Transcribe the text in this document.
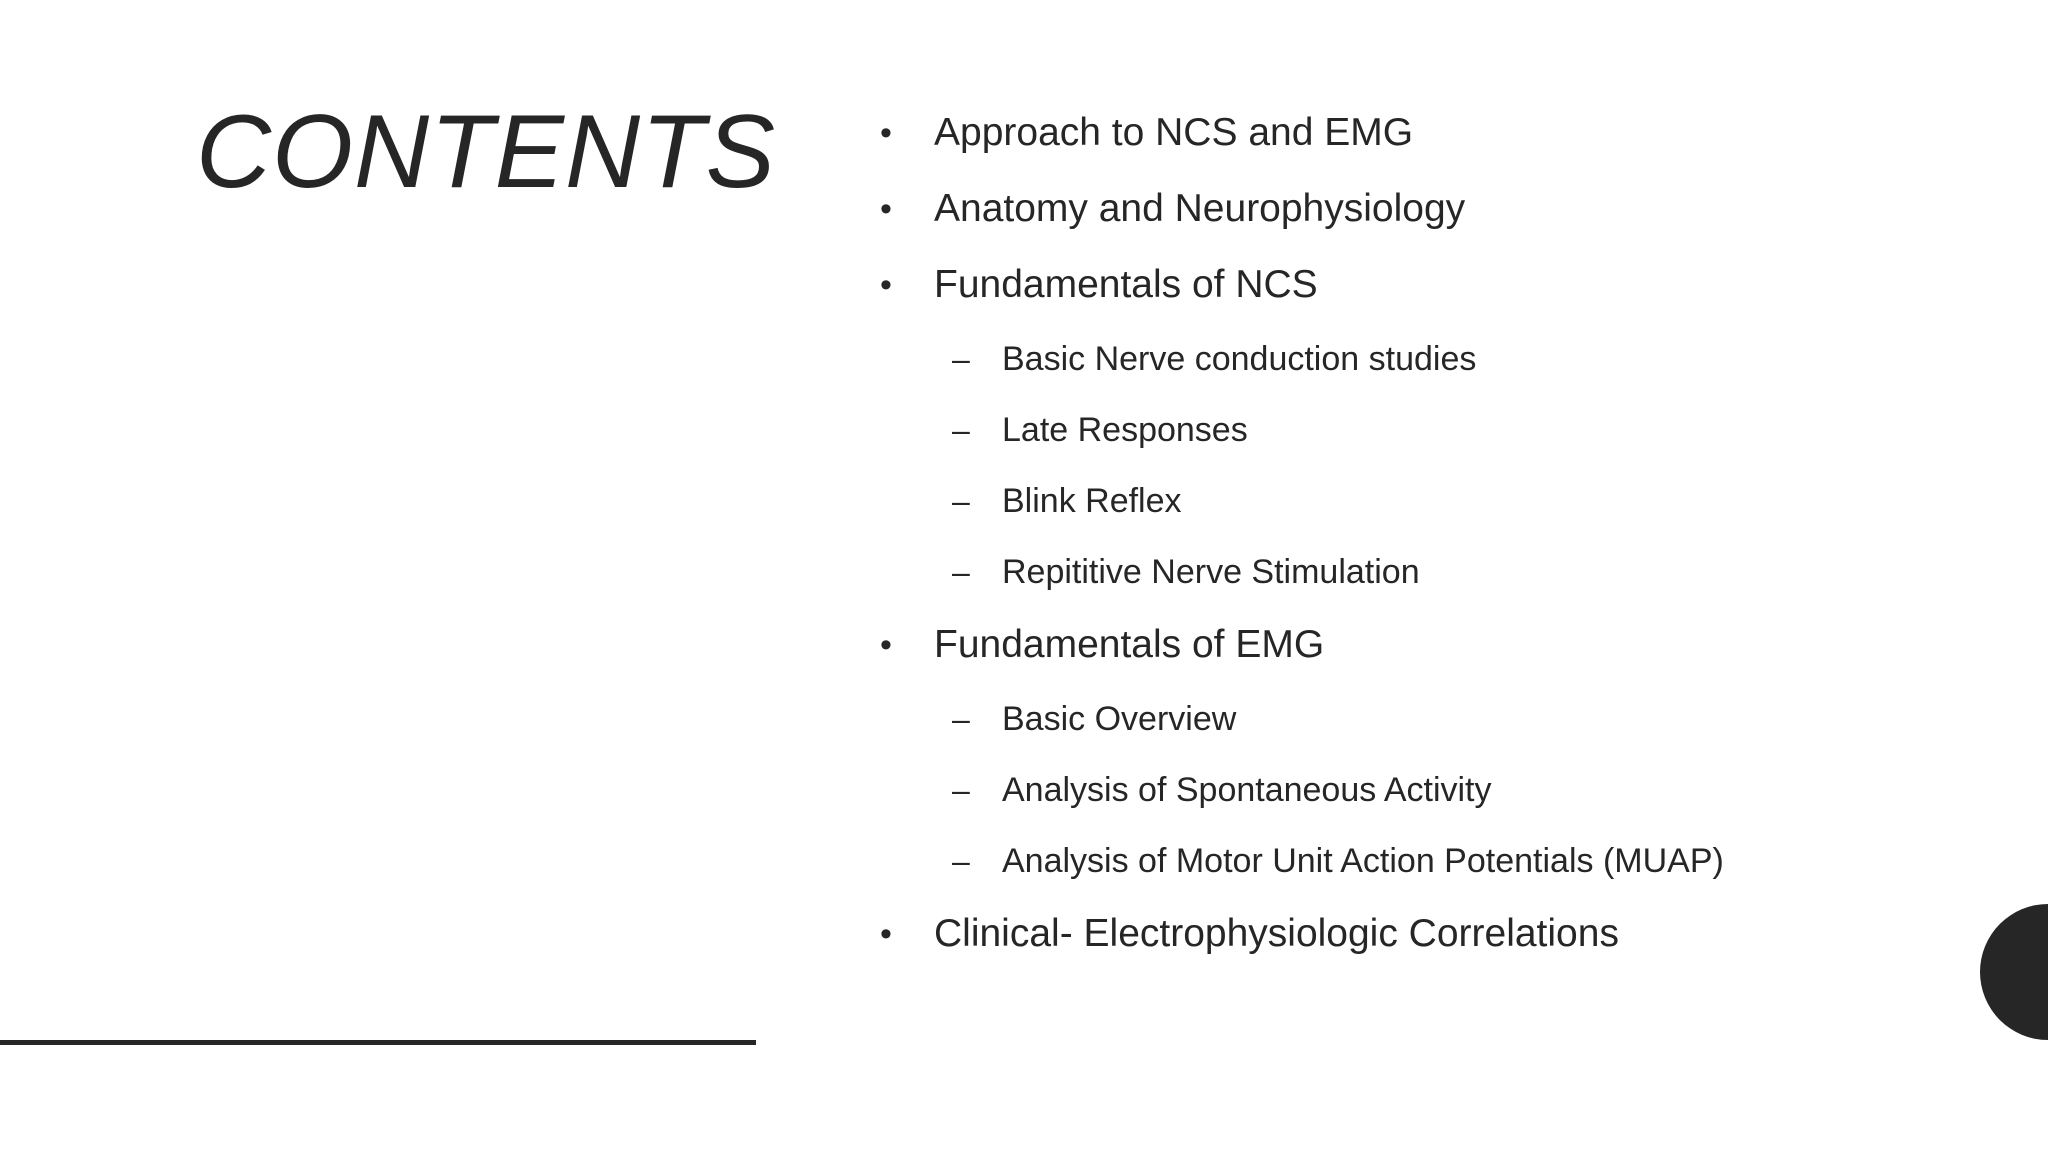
CONTENTS	• Approach to NCS and EMG
• Anatomy and Neurophysiology
• Fundamentals of NCS
– Basic Nerve conduction studies
– Late Responses
– Blink Reflex
– Repititive Nerve Stimulation
• Fundamentals of EMG
– Basic Overview
– Analysis of Spontaneous Activity
– Analysis of Motor Unit Action Potentials (MUAP)
• Clinical- Electrophysiologic Correlations
